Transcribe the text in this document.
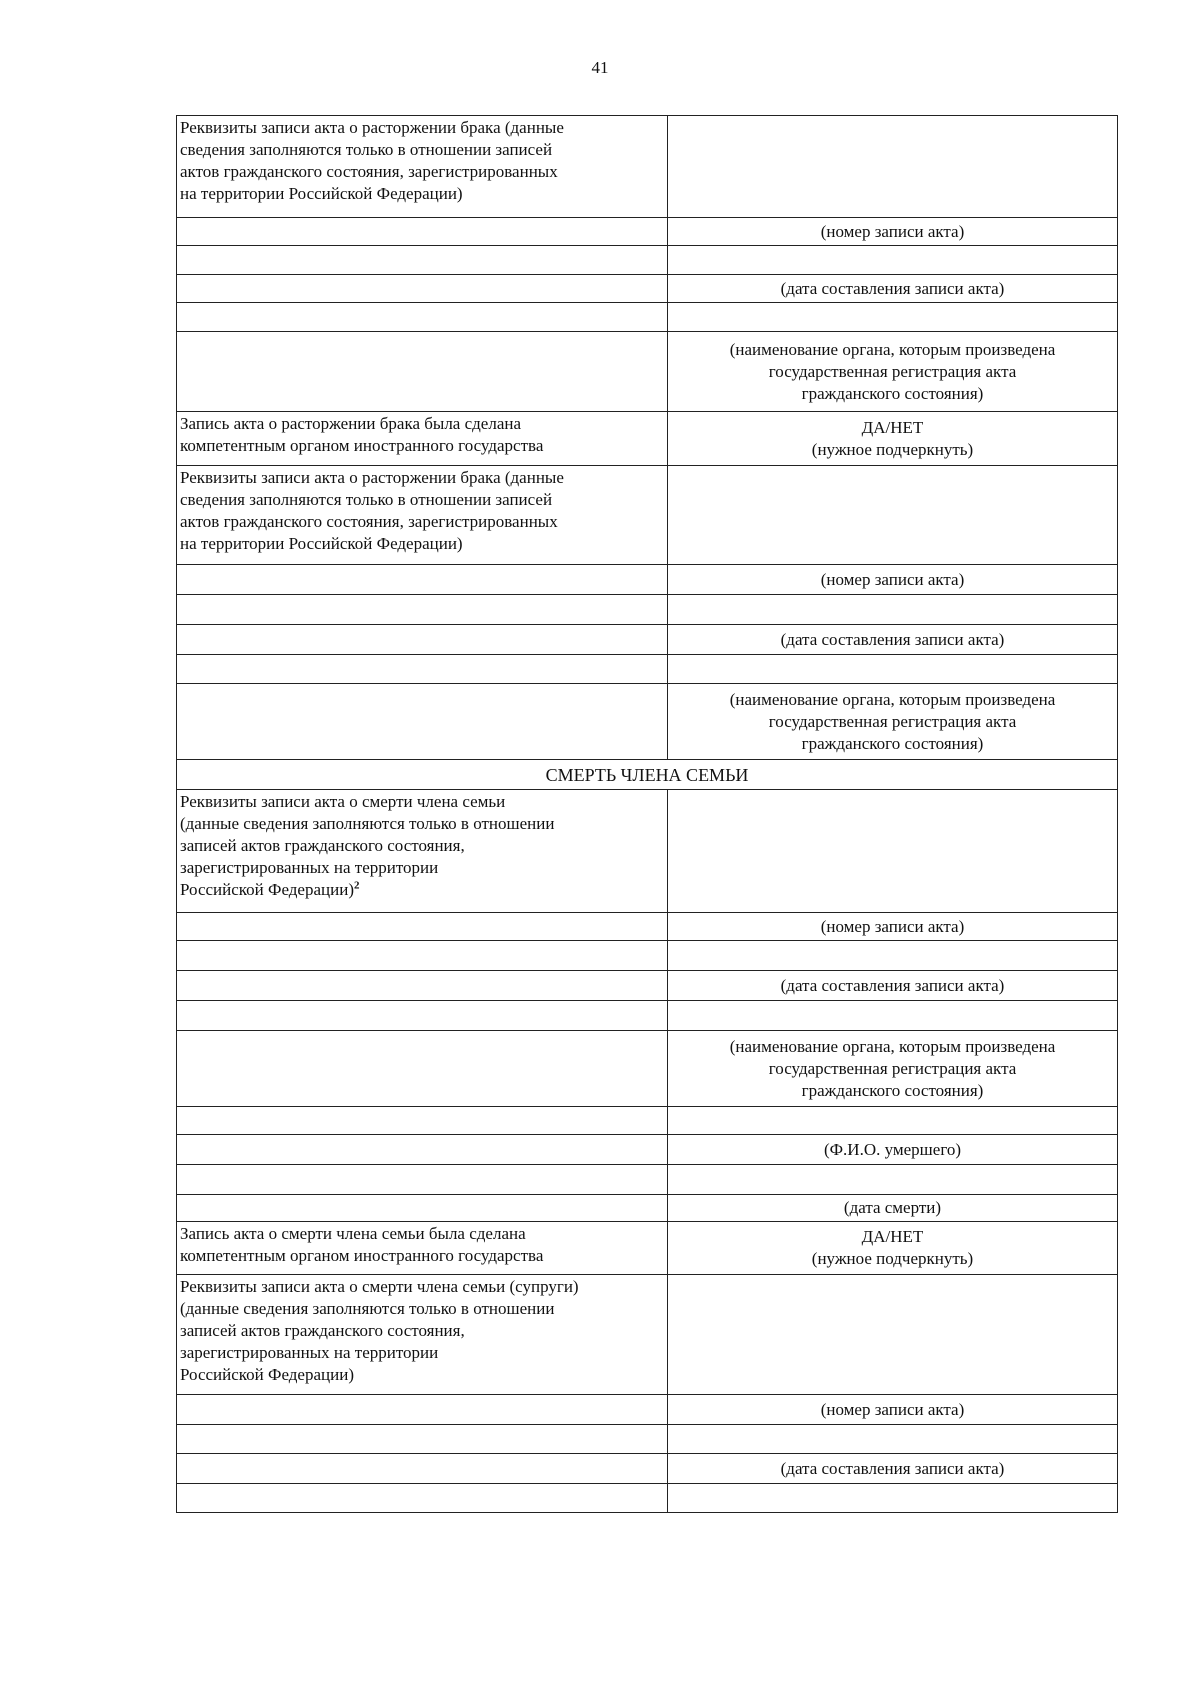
41
Реквизиты записи акта о расторжении брака (данные
сведения заполняются только в отношении записей
актов гражданского состояния, зарегистрированных
на территории Российской Федерации)	

	(номер записи акта)

	(дата составления записи акта)

	(наименование органа, которым произведена
государственная регистрация акта
гражданского состояния)

Запись акта о расторжении брака была сделана
компетентным органом иностранного государства	ДА/НЕТ
(нужное подчеркнуть)

Реквизиты записи акта о расторжении брака (данные
сведения заполняются только в отношении записей
актов гражданского состояния, зарегистрированных
на территории Российской Федерации)	

	(номер записи акта)

	(дата составления записи акта)

	(наименование органа, которым произведена
государственная регистрация акта
гражданского состояния)

СМЕРТЬ ЧЛЕНА СЕМЬИ	

Реквизиты записи акта о смерти члена семьи
(данные сведения заполняются только в отношении
записей актов гражданского состояния,
зарегистрированных на территории
Российской Федерации)$^2$

	(номер записи акта)

	(дата составления записи акта)

	(наименование органа, которым произведена
государственная регистрация акта
гражданского состояния)

	(Ф.И.О. умершего)

	(дата смерти)

Запись акта о смерти члена семьи была сделана
компетентным органом иностранного государства	ДА/НЕТ
(нужное подчеркнуть)

Реквизиты записи акта о смерти члена семьи (супруги)
(данные сведения заполняются только в отношении
записей актов гражданского состояния,
зарегистрированных на территории
Российской Федерации)	

	(номер записи акта)

	(дата составления записи акта)
